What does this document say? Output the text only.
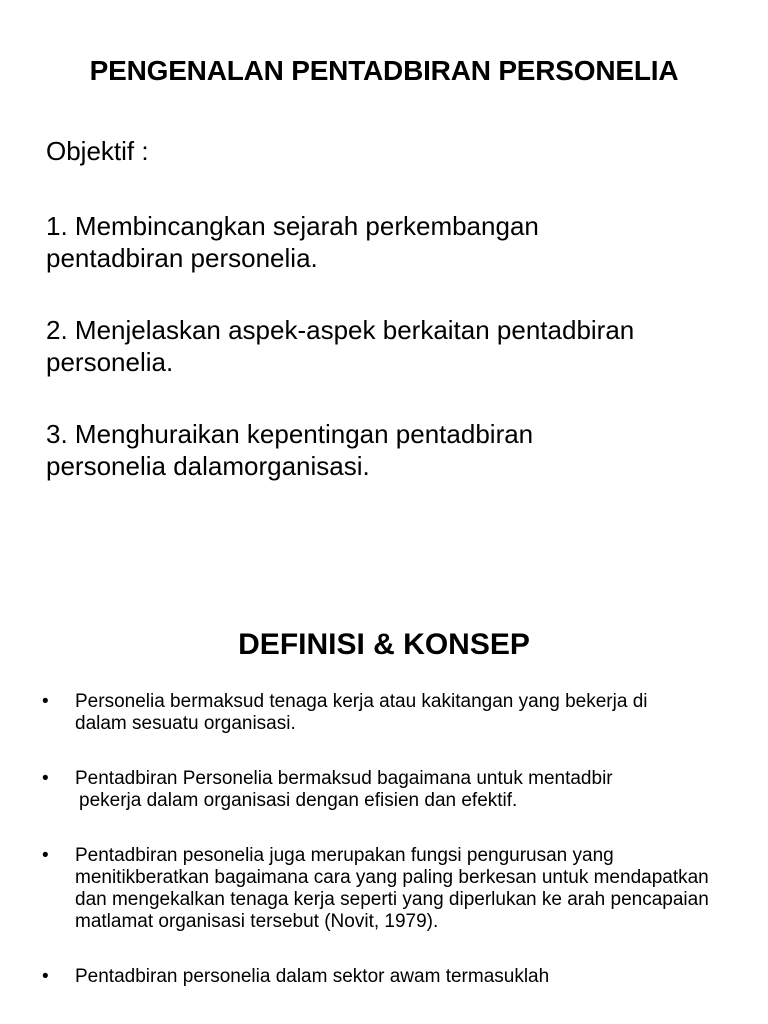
PENGENALAN PENTADBIRAN PERSONELIA
Objektif :
1. Membincangkan sejarah perkembangan
pentadbiran personelia.
2. Menjelaskan aspek-aspek berkaitan pentadbiran
personelia.
3. Menghuraikan kepentingan pentadbiran
personelia dalamorganisasi.
DEFINISI & KONSEP
• Personelia bermaksud tenaga kerja atau kakitangan yang bekerja di
dalam sesuatu organisasi.
• Pentadbiran Personelia bermaksud bagaimana untuk mentadbir
pekerja dalam organisasi dengan efisien dan efektif.
• Pentadbiran pesonelia juga merupakan fungsi pengurusan yang menitikberatkan bagaimana cara yang paling berkesan untuk mendapatkan dan mengekalkan tenaga kerja seperti yang diperlukan ke arah pencapaian matlamat organisasi tersebut (Novit, 1979).
• Pentadbiran personelia dalam sektor awam termasuklah
